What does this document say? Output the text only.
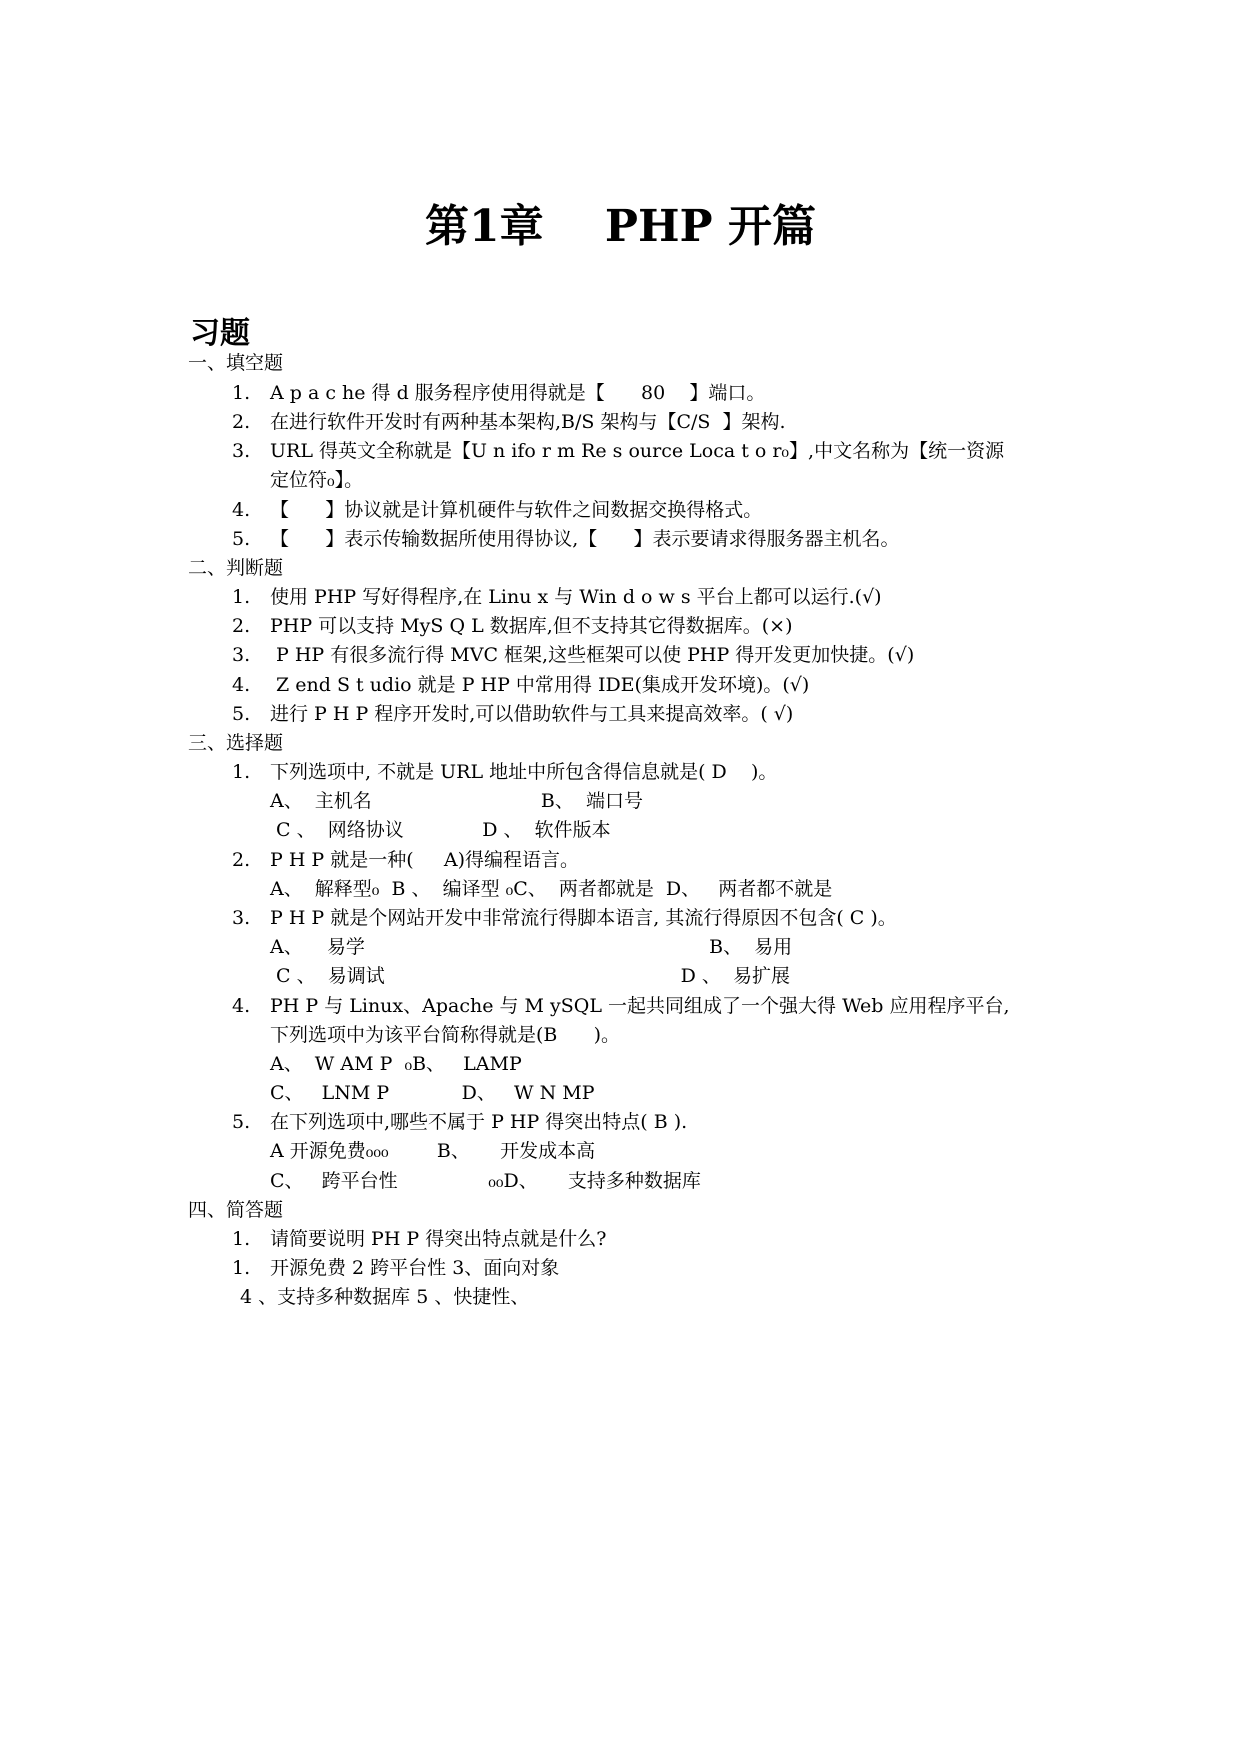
第1章    PHP 开篇
习题
一、填空题
1. A p a c he 得 d 服务程序使用得就是【      80    】端口。
2. 在进行软件开发时有两种基本架构,B/S 架构与【C/S  】架构.
3. URL 得英文全称就是【U n ifo r m Re s ource Loca t o r₀】,中文名称为【统一资源
定位符₀】。
4. 【      】协议就是计算机硬件与软件之间数据交换得格式。
5. 【      】表示传输数据所使用得协议,【      】表示要请求得服务器主机名。
二、判断题
1. 使用 PHP 写好得程序,在 Linu x 与 Win d o w s 平台上都可以运行.(√)
2. PHP 可以支持 MyS Q L 数据库,但不支持其它得数据库。(×)
3. P HP 有很多流行得 MVC 框架,这些框架可以使 PHP 得开发更加快捷。(√)
4. Z end S t udio 就是 P HP 中常用得 IDE(集成开发环境)。(√)
5. 进行 P H P 程序开发时,可以借助软件与工具来提高效率。( √)
三、选择题
1. 下列选项中, 不就是 URL 地址中所包含得信息就是( D    )。
A、  主机名                            B、  端口号
C 、  网络协议             D 、  软件版本
2. P H P 就是一种(     A)得编程语言。
A、  解释型₀  B 、  编译型 ₀C、  两者都就是  D、   两者都不就是
3. P H P 就是个网站开发中非常流行得脚本语言, 其流行得原因不包含( C )。
A、    易学                                                         B、  易用
C 、  易调试                                                 D 、  易扩展
4. PH P 与 Linux、Apache 与 M ySQL 一起共同组成了一个强大得 Web 应用程序平台,
下列选项中为该平台简称得就是(B      )。
A、  W AM P  ₀B、   LAMP
C、   LNM P            D、   W N MP
5. 在下列选项中,哪些不属于 P HP 得突出特点( B ).
A 开源免费₀₀₀        B、     开发成本高
C、   跨平台性               ₀₀D、     支持多种数据库
四、简答题
1. 请简要说明 PH P 得突出特点就是什么?
1. 开源免费 2 跨平台性 3、面向对象
4 、支持多种数据库 5 、快捷性、
